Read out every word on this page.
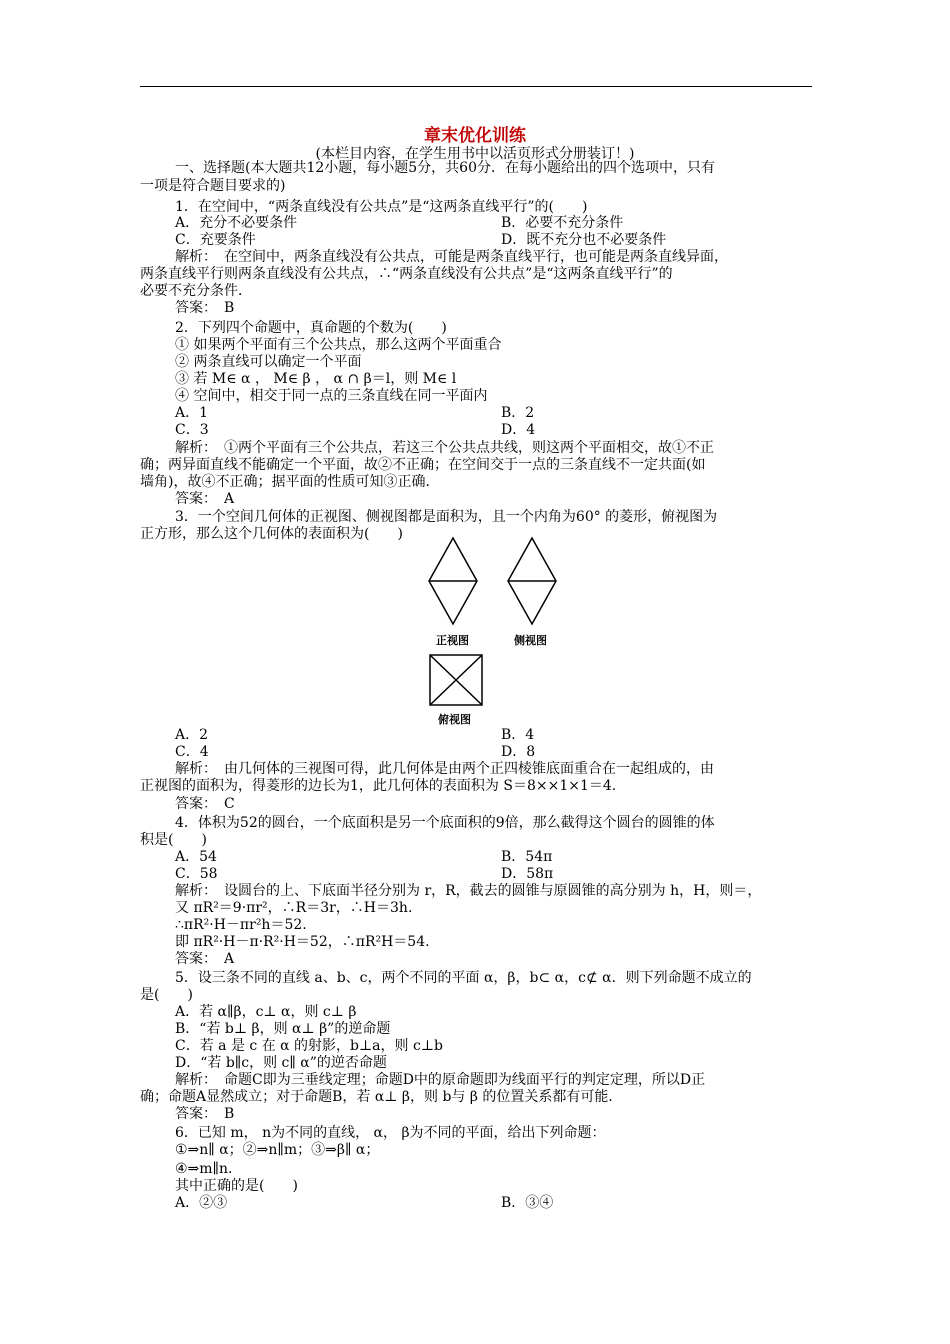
章末优化训练
(本栏目内容，在学生用书中以活页形式分册装订！)
一、选择题(本大题共12小题，每小题5分，共60分．在每小题给出的四个选项中，只有
一项是符合题目要求的)
1．在空间中，“两条直线没有公共点”是“这两条直线平行”的(　　)
A．充分不必要条件	B．必要不充分条件
C．充要条件	D．既不充分也不必要条件
解析：　在空间中，两条直线没有公共点，可能是两条直线平行，也可能是两条直线异面，
两条直线平行则两条直线没有公共点，∴“两条直线没有公共点”是“这两条直线平行”的
必要不充分条件．
答案：　B
2．下列四个命题中，真命题的个数为(　　)
① 如果两个平面有三个公共点，那么这两个平面重合
② 两条直线可以确定一个平面
③ 若 M∈ α ， M∈ β ， α ∩ β＝l，则 M∈ l
④ 空间中，相交于同一点的三条直线在同一平面内
A．1	B．2
C．3	D．4
解析：　①两个平面有三个公共点，若这三个公共点共线，则这两个平面相交，故①不正
确；两异面直线不能确定一个平面，故②不正确；在空间交于一点的三条直线不一定共面(如
墙角)，故④不正确；据平面的性质可知③正确．
答案：　A
3．一个空间几何体的正视图、侧视图都是面积为，且一个内角为60° 的菱形，俯视图为
正方形，那么这个几何体的表面积为(　　)
A．2	B．4
C．4	D．8
解析：　由几何体的三视图可得，此几何体是由两个正四棱锥底面重合在一起组成的，由
正视图的面积为，得菱形的边长为1，此几何体的表面积为 S＝8××1×1＝4.
答案：　C
4．体积为52的圆台，一个底面积是另一个底面积的9倍，那么截得这个圆台的圆锥的体
积是(　　)
A．54	B．54π
C．58	D．58π
解析：　设圆台的上、下底面半径分别为 r，R，截去的圆锥与原圆锥的高分别为 h，H，则＝，
又 πR²＝9·πr²，∴R＝3r，∴H＝3h.
∴πR²·H－πr²h＝52.
即 πR²·H－π·R²·H＝52，∴πR²H＝54.
答案：　A
5．设三条不同的直线 a、b、c，两个不同的平面 α，β，b⊂ α，c⊄ α．则下列命题不成立的
是(　　)
A．若 α∥β，c⊥ α，则 c⊥ β
B．“若 b⊥ β，则 α⊥ β”的逆命题
C．若 a 是 c 在 α 的射影，b⊥a，则 c⊥b
D．“若 b∥c，则 c∥ α”的逆否命题
解析：　命题C即为三垂线定理；命题D中的原命题即为线面平行的判定定理，所以D正
确；命题A显然成立；对于命题B，若 α⊥ β，则 b与 β 的位置关系都有可能．
答案：　B
6．已知 m， n为不同的直线， α， β为不同的平面，给出下列命题：
①⇒n∥ α；②⇒n∥m；③⇒β∥ α；
④⇒m∥n.
其中正确的是(　　)
A．②③	B．③④
正视图	侧视图
俯视图
